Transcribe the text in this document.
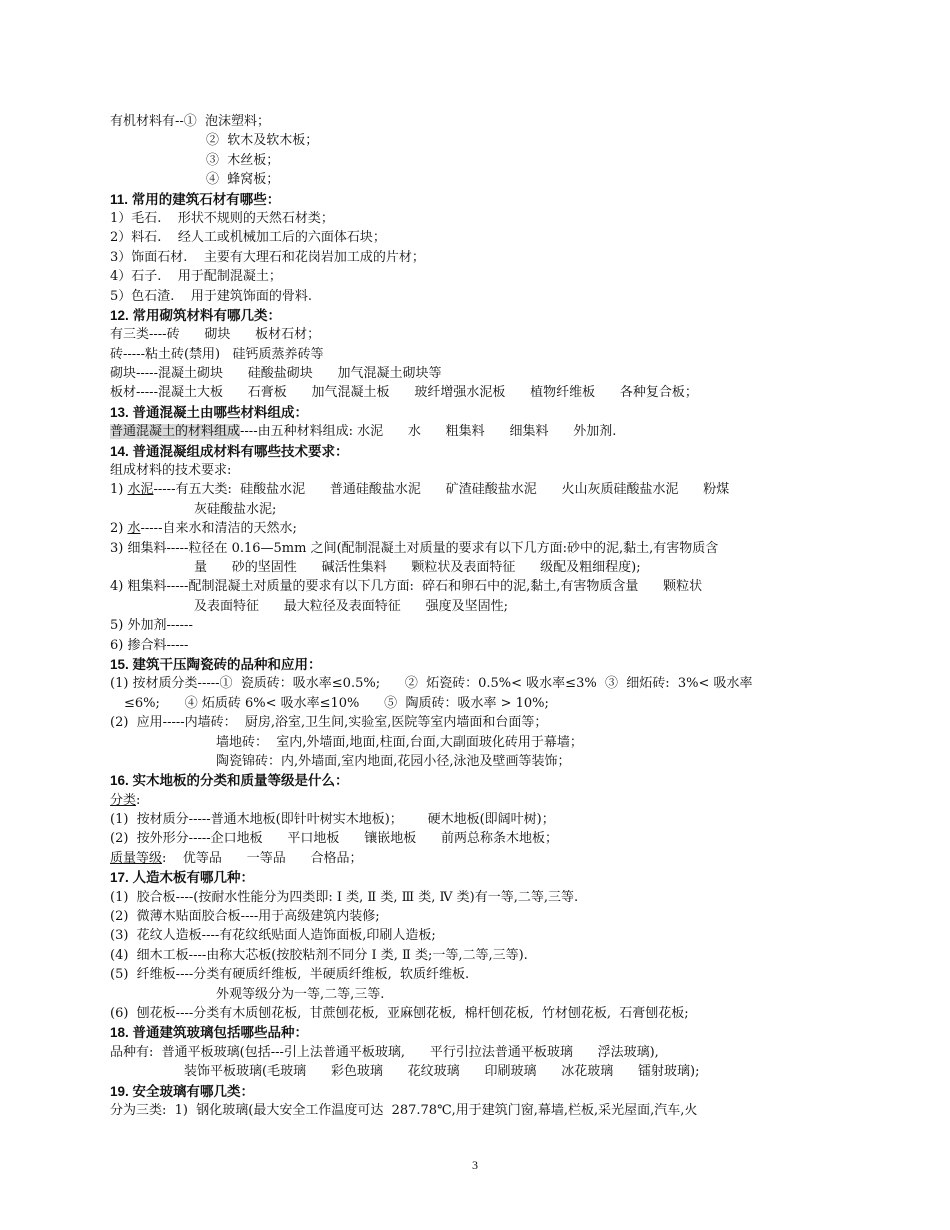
有机材料有--①  泡沫塑料；
②  软木及软木板；
③  木丝板；
④  蜂窝板；
11. 常用的建筑石材有哪些：
1）毛石.    形状不规则的天然石材类；
2）料石.    经人工或机械加工后的六面体石块；
3）饰面石材.    主要有大理石和花岗岩加工成的片材；
4）石子.    用于配制混凝土；
5）色石渣.    用于建筑饰面的骨料.
12. 常用砌筑材料有哪几类：
有三类----砖      砌块      板材石材；
砖-----粘土砖(禁用)   硅钙质蒸养砖等
砌块-----混凝土砌块      硅酸盐砌块      加气混凝土砌块等
板材-----混凝土大板      石膏板      加气混凝土板      玻纤增强水泥板      植物纤维板      各种复合板；
13. 普通混凝土由哪些材料组成：
普通混凝土的材料组成----由五种材料组成: 水泥      水      粗集料      细集料      外加剂.
14. 普通混凝组成材料有哪些技术要求：
组成材料的技术要求:
1) 水泥-----有五大类:  硅酸盐水泥      普通硅酸盐水泥      矿渣硅酸盐水泥      火山灰质硅酸盐水泥      粉煤
灰硅酸盐水泥;
2) 水-----自来水和清洁的天然水;
3) 细集料-----粒径在 0.16—5mm 之间(配制混凝土对质量的要求有以下几方面:砂中的泥,黏土,有害物质含
量      砂的坚固性      碱活性集料      颗粒状及表面特征      级配及粗细程度);
4) 粗集料-----配制混凝土对质量的要求有以下几方面:  碎石和卵石中的泥,黏土,有害物质含量      颗粒状
及表面特征      最大粒径及表面特征      强度及坚固性;
5) 外加剂------
6) 掺合料-----
15. 建筑干压陶瓷砖的品种和应用：
(1) 按材质分类-----①  瓷质砖：吸水率≤0.5%;      ②  炻瓷砖：0.5%< 吸水率≤3%  ③  细炻砖:  3%< 吸水率
≤6%;      ④ 炻质砖 6%< 吸水率≤10%      ⑤  陶质砖：吸水率 > 10%;
(2)  应用-----内墙砖：  厨房,浴室,卫生间,实验室,医院等室内墙面和台面等；
墙地砖：  室内,外墙面,地面,柱面,台面,大副面玻化砖用于幕墙；
陶瓷锦砖：内,外墙面,室内地面,花园小径,泳池及壁画等装饰；
16. 实木地板的分类和质量等级是什么：
分类:
(1)  按材质分-----普通木地板(即针叶树实木地板)；      硬木地板(即阔叶树)；
(2)  按外形分-----企口地板      平口地板      镶嵌地板      前两总称条木地板；
质量等级:    优等品      一等品      合格品；
17. 人造木板有哪几种：
(1)  胶合板----(按耐水性能分为四类即: Ⅰ 类, Ⅱ 类, Ⅲ 类, Ⅳ 类)有一等,二等,三等.
(2)  微薄木贴面胶合板----用于高级建筑内装修;
(3)  花纹人造板----有花纹纸贴面人造饰面板,印刷人造板;
(4)  细木工板----由称大芯板(按胶粘剂不同分 Ⅰ 类, Ⅱ 类;一等,二等,三等).
(5)  纤维板----分类有硬质纤维板,  半硬质纤维板,  软质纤维板.
外观等级分为一等,二等,三等.
(6)  刨花板----分类有木质刨花板,  甘蔗刨花板,  亚麻刨花板,  棉杆刨花板,  竹材刨花板,  石膏刨花板;
18. 普通建筑玻璃包括哪些品种：
品种有:  普通平板玻璃(包括---引上法普通平板玻璃,      平行引拉法普通平板玻璃      浮法玻璃),
装饰平板玻璃(毛玻璃      彩色玻璃      花纹玻璃      印刷玻璃      冰花玻璃      镭射玻璃);
19. 安全玻璃有哪几类：
分为三类:  1)  钢化玻璃(最大安全工作温度可达  287.78℃,用于建筑门窗,幕墙,栏板,采光屋面,汽车,火
3
